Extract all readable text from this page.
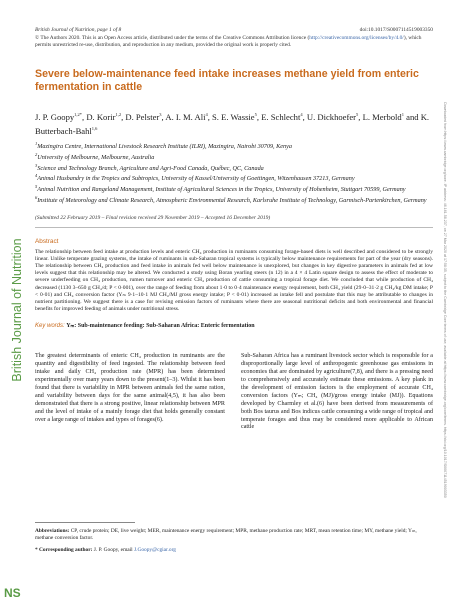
British Journal of Nutrition
NS
Downloaded from https://www.cambridge.org/core. IP address: 46.161.58.237, on 27 Mar 2020 at 17:58:35, subject to the Cambridge Core terms of use, available at https://www.cambridge.org/core/terms. https://doi.org/10.1017/S0007114519003350
British Journal of Nutrition, page 1 of 8	doi:10.1017/S0007114519003350
© The Authors 2020. This is an Open Access article, distributed under the terms of the Creative Commons Attribution licence (http://creativecommons.org/licenses/by/4.0/), which permits unrestricted re-use, distribution, and reproduction in any medium, provided the original work is properly cited.
Severe below-maintenance feed intake increases methane yield from enteric fermentation in cattle
J. P. Goopy$^{1,2*}$, D. Korir$^{1,2}$, D. Pelster$^3$, A. I. M. Ali$^4$, S. E. Wassie$^5$, E. Schlecht$^4$, U. Dickhoefer$^5$, L. Merbold$^1$ and K. Butterbach-Bahl$^{1,6}$
$^1$Mazingira Centre, International Livestock Research Institute (ILRI), Mazingira, Nairobi 30709, Kenya
$^2$University of Melbourne, Melbourne, Australia
$^3$Science and Technology Branch, Agriculture and Agri-Food Canada, Québec, QC, Canada
$^4$Animal Husbandry in the Tropics and Subtropics, University of Kassel/University of Goettingen, Witzenhausen 37213, Germany
$^5$Animal Nutrition and Rangeland Management, Institute of Agricultural Sciences in the Tropics, University of Hohenheim, Stuttgart 70599, Germany
$^6$Institute of Meteorology and Climate Research, Atmospheric Environmental Research, Karlsruhe Institute of Technology, Garmisch-Partenkirchen, Germany
(Submitted 22 February 2019 – Final revision received 29 November 2019 – Accepted 16 December 2019)
Abstract
The relationship between feed intake at production levels and enteric CH₄ production in ruminants consuming forage-based diets is well described and considered to be strongly linear. Unlike temperate grazing systems, the intake of ruminants in sub-Saharan tropical systems is typically below maintenance requirements for part of the year (dry seasons). The relationship between CH₄ production and feed intake in animals fed well below maintenance is unexplored, but changes in key digestive parameters in animals fed at low levels suggest that this relationship may be altered. We conducted a study using Boran yearling steers (n 12) in a 4 × 4 Latin square design to assess the effect of moderate to severe underfeeding on CH₄ production, rumen turnover and enteric CH₄ production of cattle consuming a tropical forage diet. We concluded that while production of CH₄ decreased (1130 3–650 g CH₄/d; P < 0·001), over the range of feeding from about 1·0 to 0·4 maintenance energy requirement, both CH₄ yield (29·0–31·2 g CH₄/kg DM intake; P < 0·01) and CH₄ conversion factor (Yₘ 9·1–10·1 MJ CH₄/MJ gross energy intake; P < 0·01) increased as intake fell and postulate that this may be attributable to changes in nutrient partitioning. We suggest there is a case for revising emission factors of ruminants where there are seasonal nutritional deficits and both environmental and financial benefits for improved feeding of animals under nutritional stress.
Key words: Yₘ: Sub-maintenance feeding: Sub-Saharan Africa: Enteric fermentation
The greatest determinants of enteric CH₄ production in ruminants are the quantity and digestibility of feed ingested. The relationship between feed intake and daily CH₄ production rate (MPR) has been determined experimentally over many years down to the present(1–3). Whilst it has been found that there is variability in MPR between animals fed the same ration, and variability between days for the same animal(4,5), it has also been demonstrated that there is a strong positive, linear relationship between MPR and the level of intake of a mainly forage diet that holds generally constant over a large range of intakes and types of forages(6).
Sub-Saharan Africa has a ruminant livestock sector which is responsible for a disproportionally large level of anthropogenic greenhouse gas emissions in economies that are dominated by agriculture(7,8), and there is a pressing need to comprehensively and accurately estimate these emissions. A key plank in the development of emission factors is the employment of accurate CH₄ conversion factors (Yₘ; CH₄ (MJ)/gross energy intake (MJ)). Equations developed by Charmley et al.(6) have been derived from measurements of both Bos taurus and Bos indicus cattle consuming a wide range of tropical and temperate forages and thus may be considered more applicable to African cattle

Abbreviations: CP, crude protein; DE, live weight; MER, maintenance energy requirement; MPR, methane production rate; MRT, mean retention time; MY, methane yield; Yₘ, methane conversion factor.

* Corresponding author: J. P. Goopy, email J.Goopy@cgiar.org
